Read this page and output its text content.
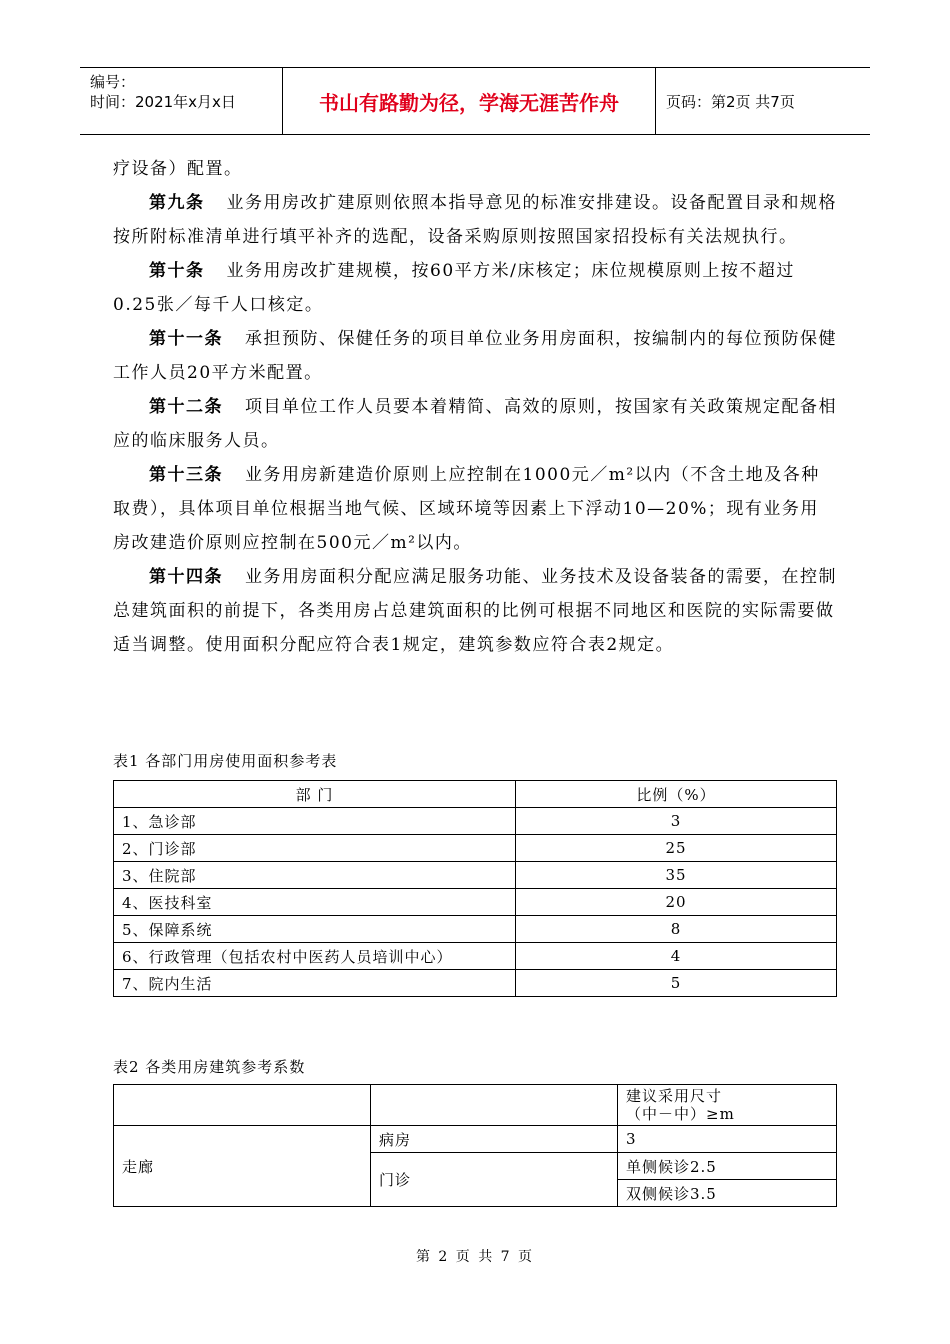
编号：
时间：2021年x月x日	书山有路勤为径，学海无涯苦作舟	页码：第2页 共7页

疗设备）配置。

第九条 业务用房改扩建原则依照本指导意见的标准安排建设。设备配置目录和规格按所附标准清单进行填平补齐的选配，设备采购原则按照国家招投标有关法规执行。

第十条 业务用房改扩建规模，按60平方米/床核定；床位规模原则上按不超过0.25张／每千人口核定。

第十一条 承担预防、保健任务的项目单位业务用房面积，按编制内的每位预防保健工作人员20平方米配置。

第十二条 项目单位工作人员要本着精简、高效的原则，按国家有关政策规定配备相应的临床服务人员。

第十三条 业务用房新建造价原则上应控制在1000元／m²以内（不含土地及各种取费），具体项目单位根据当地气候、区域环境等因素上下浮动10—20%；现有业务用房改建造价原则应控制在500元／m²以内。

第十四条 业务用房面积分配应满足服务功能、业务技术及设备装备的需要，在控制总建筑面积的前提下，各类用房占总建筑面积的比例可根据不同地区和医院的实际需要做适当调整。使用面积分配应符合表1规定，建筑参数应符合表2规定。

表1 各部门用房使用面积参考表
部 门	比例（%）
1、急诊部	3
2、门诊部	25
3、住院部	35
4、医技科室	20
5、保障系统	8
6、行政管理（包括农村中医药人员培训中心）	4
7、院内生活	5
表2 各类用房建筑参考系数

		建议采用尺寸
（中－中）≥m

走廊	病房	3
	门诊	单侧候诊2.5
		双侧候诊3.5
第 2 页 共 7 页
